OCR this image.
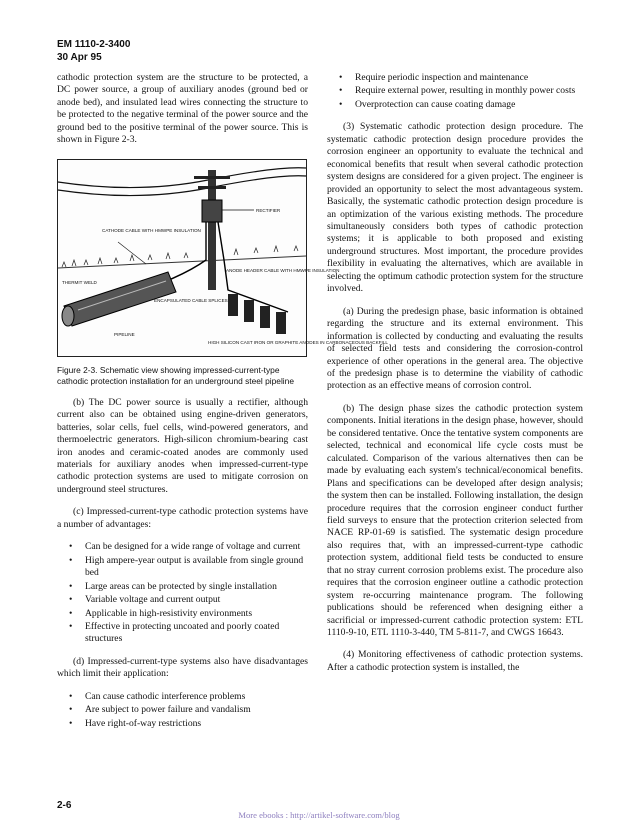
EM 1110-2-3400
30 Apr 95

cathodic protection system are the structure to be protected, a DC power source, a group of auxiliary anodes (ground bed or anode bed), and insulated lead wires connecting the structure to be protected to the negative terminal of the power source and the ground bed to the positive terminal of the power source. This is shown in Figure 2-3.

RECTIFIER
CATHODE CABLE WITH HMWPE INSULATION
ANODE HEADER CABLE WITH HMWPE INSULATION
THERMIT WELD
ENCAPSULATED CABLE SPLICES
HIGH SILICON CAST IRON OR GRAPHITE ANODES IN CARBONACEOUS BACKFILL
PIPELINE

Figure 2-3. Schematic view showing impressed-current-type cathodic protection installation for an underground steel pipeline

(b) The DC power source is usually a rectifier, although current also can be obtained using engine-driven generators, batteries, solar cells, fuel cells, wind-powered generators, and thermoelectric generators. High-silicon chromium-bearing cast iron anodes and ceramic-coated anodes are commonly used materials for auxiliary anodes when impressed-current-type cathodic protection systems are used to mitigate corrosion on underground steel structures.

(c) Impressed-current-type cathodic protection systems have a number of advantages:

• Can be designed for a wide range of voltage and current
• High ampere-year output is available from single ground bed
• Large areas can be protected by single installation
• Variable voltage and current output
• Applicable in high-resistivity environments
• Effective in protecting uncoated and poorly coated structures

(d) Impressed-current-type systems also have disadvantages which limit their application:

• Can cause cathodic interference problems
• Are subject to power failure and vandalism
• Have right-of-way restrictions
• Require periodic inspection and maintenance
• Require external power, resulting in monthly power costs
• Overprotection can cause coating damage

(3) Systematic cathodic protection design procedure. The systematic cathodic protection design procedure provides the corrosion engineer an opportunity to evaluate the technical and economical benefits that result when several cathodic protection system designs are considered for a given project. The engineer is provided an opportunity to select the most advantageous system. Basically, the systematic cathodic protection design procedure is an optimization of the various existing methods. The procedure simultaneously considers both types of cathodic protection systems; it is applicable to both proposed and existing underground structures. Most important, the procedure provides flexibility in evaluating the alternatives, which are available in selecting the optimum cathodic protection system for the structure involved.

(a) During the predesign phase, basic information is obtained regarding the structure and its external environment. This information is collected by conducting and evaluating the results of selected field tests and considering the corrosion-control experience of other operations in the general area. The objective of the predesign phase is to determine the viability of cathodic protection as an effective means of corrosion control.

(b) The design phase sizes the cathodic protection system components. Initial iterations in the design phase, however, should be considered tentative. Once the tentative system components are selected, technical and economical life cycle costs must be calculated. Comparison of the various alternatives then can be made by evaluating each system's technical/economical benefits. Plans and specifications can be developed after design analysis; the system then can be installed. Following installation, the design procedure requires that the corrosion engineer conduct further field surveys to ensure that the protection criterion selected from NACE RP-01-69 is satisfied. The systematic design procedure also requires that, with an impressed-current-type cathodic protection system, additional field tests be conducted to ensure that no stray current corrosion problems exist. The procedure also requires that the corrosion engineer outline a cathodic protection system re-occurring maintenance program. The following publications should be referenced when designing either a sacrificial or impressed-current cathodic protection system: ETL 1110-9-10, ETL 1110-3-440, TM 5-811-7, and CWGS 16643.

(4) Monitoring effectiveness of cathodic protection systems. After a cathodic protection system is installed, the

2-6
More ebooks : http://artikel-software.com/blog
